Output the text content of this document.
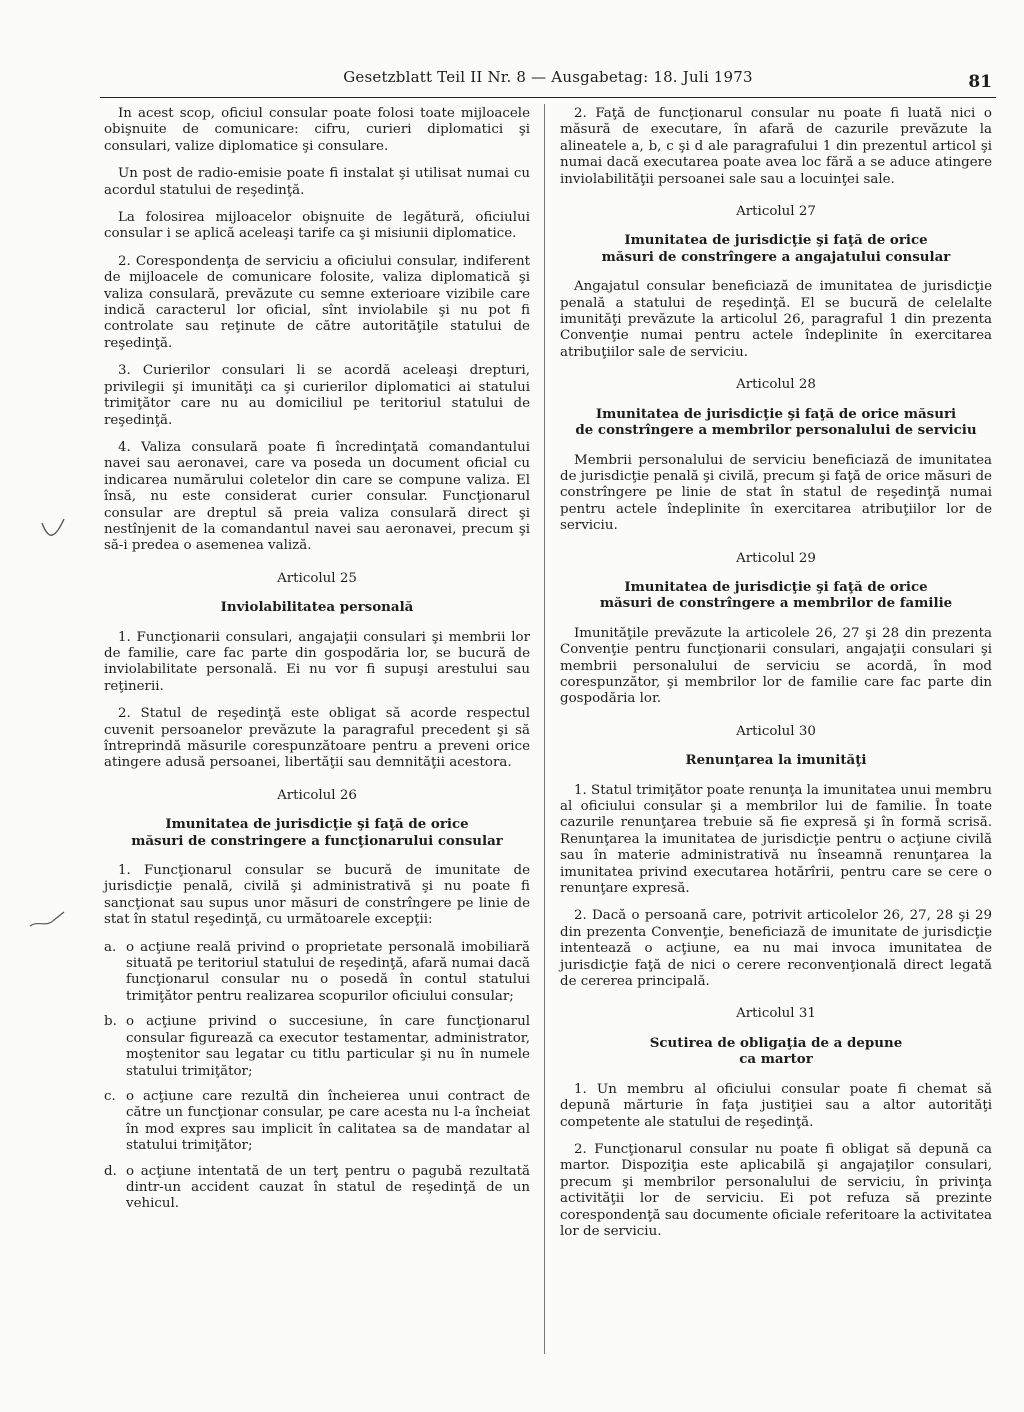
Gesetzblatt Teil II Nr. 8 — Ausgabetag: 18. Juli 1973	81

In acest scop, oficiul consular poate folosi toate mijloacele obişnuite de comunicare: cifru, curieri diplomatici şi consulari, valize diplomatice şi consulare.

Un post de radio-emisie poate fi instalat şi utilisat numai cu acordul statului de reşedinţă.

La folosirea mijloacelor obişnuite de legătură, oficiului consular i se aplică aceleaşi tarife ca şi misiunii diplomatice.

2. Corespondenţa de serviciu a oficiului consular, indiferent de mijloacele de comunicare folosite, valiza diplomatică şi valiza consulară, prevăzute cu semne exterioare vizibile care indică caracterul lor oficial, sînt inviolabile şi nu pot fi controlate sau reţinute de către autorităţile statului de reşedinţă.

3. Curierilor consulari li se acordă aceleaşi drepturi, privilegii şi imunităţi ca şi curierilor diplomatici ai statului trimiţător care nu au domiciliul pe teritoriul statului de reşedinţă.

4. Valiza consulară poate fi încredinţată comandantului navei sau aeronavei, care va poseda un document oficial cu indicarea numărului coletelor din care se compune valiza. El însă, nu este considerat curier consular. Funcţionarul consular are dreptul să preia valiza consulară direct şi nestînjenit de la comandantul navei sau aeronavei, precum şi să-i predea o asemenea valiză.

Articolul 25
Inviolabilitatea personală

1. Funcţionarii consulari, angajaţii consulari şi membrii lor de familie, care fac parte din gospodăria lor, se bucură de inviolabilitate personală. Ei nu vor fi supuşi arestului sau reţinerii.

2. Statul de reşedinţă este obligat să acorde respectul cuvenit persoanelor prevăzute la paragraful precedent şi să întreprindă măsurile corespunzătoare pentru a preveni orice atingere adusă persoanei, libertăţii sau demnităţii acestora.

Articolul 26
Imunitatea de jurisdicţie şi faţă de orice
măsuri de constringere a funcţionarului consular

1. Funcţionarul consular se bucură de imunitate de jurisdicţie penală, civilă şi administrativă şi nu poate fi sancţionat sau supus unor măsuri de constrîngere pe linie de stat în statul reşedinţă, cu următoarele excepţii:

a. o acţiune reală privind o proprietate personală imobiliară situată pe teritoriul statului de reşedinţă, afară numai dacă funcţionarul consular nu o posedă în contul statului trimiţător pentru realizarea scopurilor oficiului consular;

b. o acţiune privind o succesiune, în care funcţionarul consular figurează ca executor testamentar, administrator, moştenitor sau legatar cu titlu particular şi nu în numele statului trimiţător;

c. o acţiune care rezultă din încheierea unui contract de către un funcţionar consular, pe care acesta nu l-a încheiat în mod expres sau implicit în calitatea sa de mandatar al statului trimiţător;

d. o acţiune intentată de un terţ pentru o pagubă rezultată dintr-un accident cauzat în statul de reşedinţă de un vehicul.

2. Faţă de funcţionarul consular nu poate fi luată nici o măsură de executare, în afară de cazurile prevăzute la alineatele a, b, c şi d ale paragrafului 1 din prezentul articol şi numai dacă executarea poate avea loc fără a se aduce atingere inviolabilităţii persoanei sale sau a locuinţei sale.

Articolul 27
Imunitatea de jurisdicţie şi faţă de orice
măsuri de constrîngere a angajatului consular

Angajatul consular beneficiază de imunitatea de jurisdicţie penală a statului de reşedinţă. El se bucură de celelalte imunităţi prevăzute la articolul 26, paragraful 1 din prezenta Convenţie numai pentru actele îndeplinite în exercitarea atribuţiilor sale de serviciu.

Articolul 28
Imunitatea de jurisdicţie şi faţă de orice măsuri
de constrîngere a membrilor personalului de serviciu

Membrii personalului de serviciu beneficiază de imunitatea de jurisdicţie penală şi civilă, precum şi faţă de orice măsuri de constrîngere pe linie de stat în statul de reşedinţă numai pentru actele îndeplinite în exercitarea atribuţiilor lor de serviciu.

Articolul 29
Imunitatea de jurisdicţie şi faţă de orice
măsuri de constrîngere a membrilor de familie

Imunităţile prevăzute la articolele 26, 27 şi 28 din prezenta Convenţie pentru funcţionarii consulari, angajaţii consulari şi membrii personalului de serviciu se acordă, în mod corespunzător, şi membrilor lor de familie care fac parte din gospodăria lor.

Articolul 30
Renunţarea la imunităţi

1. Statul trimiţător poate renunţa la imunitatea unui membru al oficiului consular şi a membrilor lui de familie. În toate cazurile renunţarea trebuie să fie expresă şi în formă scrisă. Renunţarea la imunitatea de jurisdicţie pentru o acţiune civilă sau în materie administrativă nu înseamnă renunţarea la imunitatea privind executarea hotărîrii, pentru care se cere o renunţare expresă.

2. Dacă o persoană care, potrivit articolelor 26, 27, 28 şi 29 din prezenta Convenţie, beneficiază de imunitate de jurisdicţie intentează o acţiune, ea nu mai invoca imunitatea de jurisdicţie faţă de nici o cerere reconvenţională direct legată de cererea principală.

Articolul 31
Scutirea de obligaţia de a depune
ca martor

1. Un membru al oficiului consular poate fi chemat să depună mărturie în faţa justiţiei sau a altor autorităţi competente ale statului de reşedinţă.

2. Funcţionarul consular nu poate fi obligat să depună ca martor. Dispoziţia este aplicabilă şi angajaţilor consulari, precum şi membrilor personalului de serviciu, în privinţa activităţii lor de serviciu. Ei pot refuza să prezinte corespondenţă sau documente oficiale referitoare la activitatea lor de serviciu.
